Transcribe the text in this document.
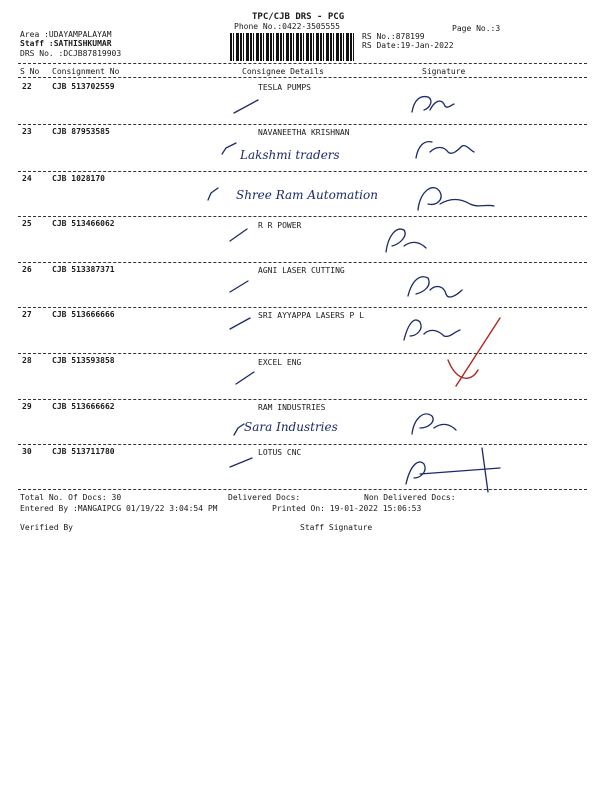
TPC/CJB DRS - PCG
Phone No.:0422-3505555	Page No.:3
Area :UDAYAMPALAYAM
Staff :SATHISHKUMAR
DRS No. :DCJB87819903
RS No.:878199
RS Date:19-Jan-2022
S No Consignment No	Consignee Details	Signature
22	CJB 513702559	TESLA PUMPS
23	CJB 87953585	NAVANEETHA KRISHNAN
Lakshmi traders
24	CJB 1028170
Shree Ram Automation
25	CJB 513466062	R R POWER
26	CJB 513387371	AGNI LASER CUTTING
27	CJB 513666666	SRI AYYAPPA LASERS P L
28	CJB 513593858	EXCEL ENG
29	CJB 513666662	RAM INDUSTRIES
Sara Industries
30	CJB 513711780	LOTUS CNC
Total No. Of Docs: 30	Delivered Docs:	Non Delivered Docs:
Entered By :MANGAIPCG 01/19/22 3:04:54 PM	Printed On: 19-01-2022 15:06:53
Verified By	Staff Signature
